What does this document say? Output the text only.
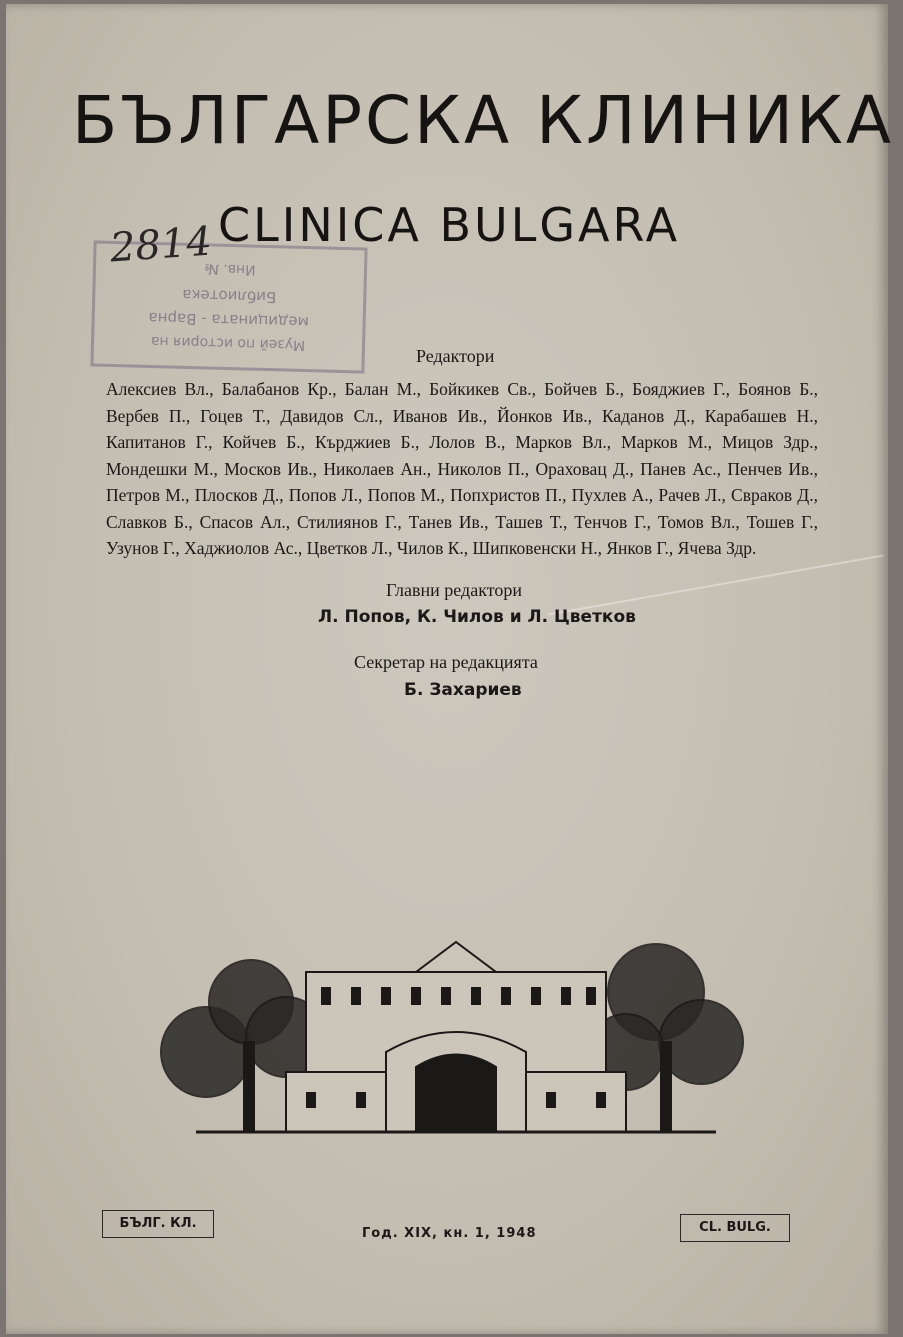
БЪЛГАРСКА КЛИНИКА
CLINICA BULGARA
Музей по история на
медицината - Варна
Библиотека
Инв. №
2814
Редактори
Алексиев Вл., Балабанов Кр., Балан М., Бойкикев Св., Бойчев Б., Бояджиев Г., Боянов Б., Вербев П., Гоцев Т., Давидов Сл., Иванов Ив., Йонков Ив., Каданов Д., Карабашев Н., Капитанов Г., Койчев Б., Кърджиев Б., Лолов В., Марков Вл., Марков М., Мицов Здр., Мондешки М., Москов Ив., Николаев Ан., Николов П., Ораховац Д., Панев Ас., Пенчев Ив., Петров М., Плосков Д., Попов Л., Попов М., Попхристов П., Пухлев А., Рачев Л., Свраков Д., Славков Б., Спасов Ал., Стилиянов Г., Танев Ив., Ташев Т., Тенчов Г., Томов Вл., Тошев Г., Узунов Г., Хаджиолов Ас., Цветков Л., Чилов К., Шипковенски Н., Янков Г., Ячева Здр.
Главни редактори
Л. Попов, К. Чилов и Л. Цветков
Секретар на редакцията
Б. Захариев
БЪЛГ. КЛ.
Год. XIX, кн. 1, 1948	CL. BULG.
